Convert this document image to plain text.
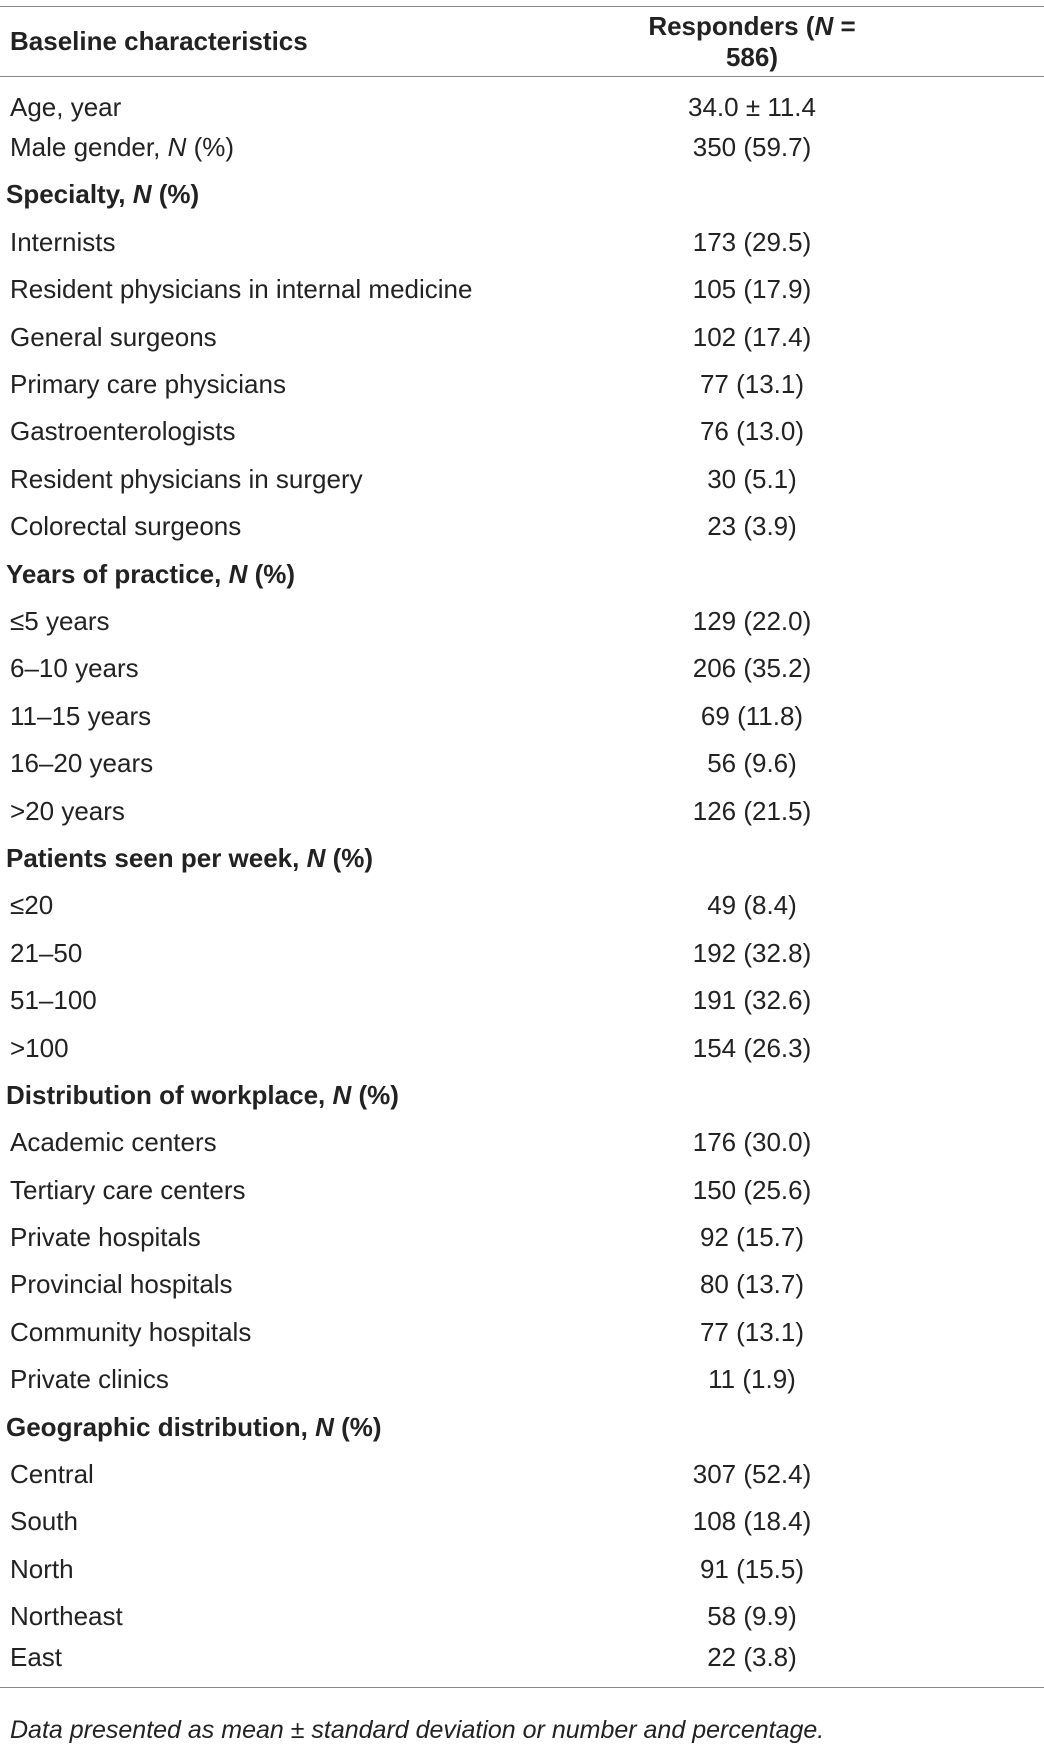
Baseline characteristics	Responders (N = 586)
Age, year	34.0 ± 11.4
Male gender, N (%)	350 (59.7)
Specialty, N (%)	
Internists	173 (29.5)
Resident physicians in internal medicine	105 (17.9)
General surgeons	102 (17.4)
Primary care physicians	77 (13.1)
Gastroenterologists	76 (13.0)
Resident physicians in surgery	30 (5.1)
Colorectal surgeons	23 (3.9)
Years of practice, N (%)	
≤5 years	129 (22.0)
6–10 years	206 (35.2)
11–15 years	69 (11.8)
16–20 years	56 (9.6)
>20 years	126 (21.5)
Patients seen per week, N (%)	
≤20	49 (8.4)
21–50	192 (32.8)
51–100	191 (32.6)
>100	154 (26.3)
Distribution of workplace, N (%)	
Academic centers	176 (30.0)
Tertiary care centers	150 (25.6)
Private hospitals	92 (15.7)
Provincial hospitals	80 (13.7)
Community hospitals	77 (13.1)
Private clinics	11 (1.9)
Geographic distribution, N (%)	
Central	307 (52.4)
South	108 (18.4)
North	91 (15.5)
Northeast	58 (9.9)
East	22 (3.8)
Data presented as mean ± standard deviation or number and percentage.
